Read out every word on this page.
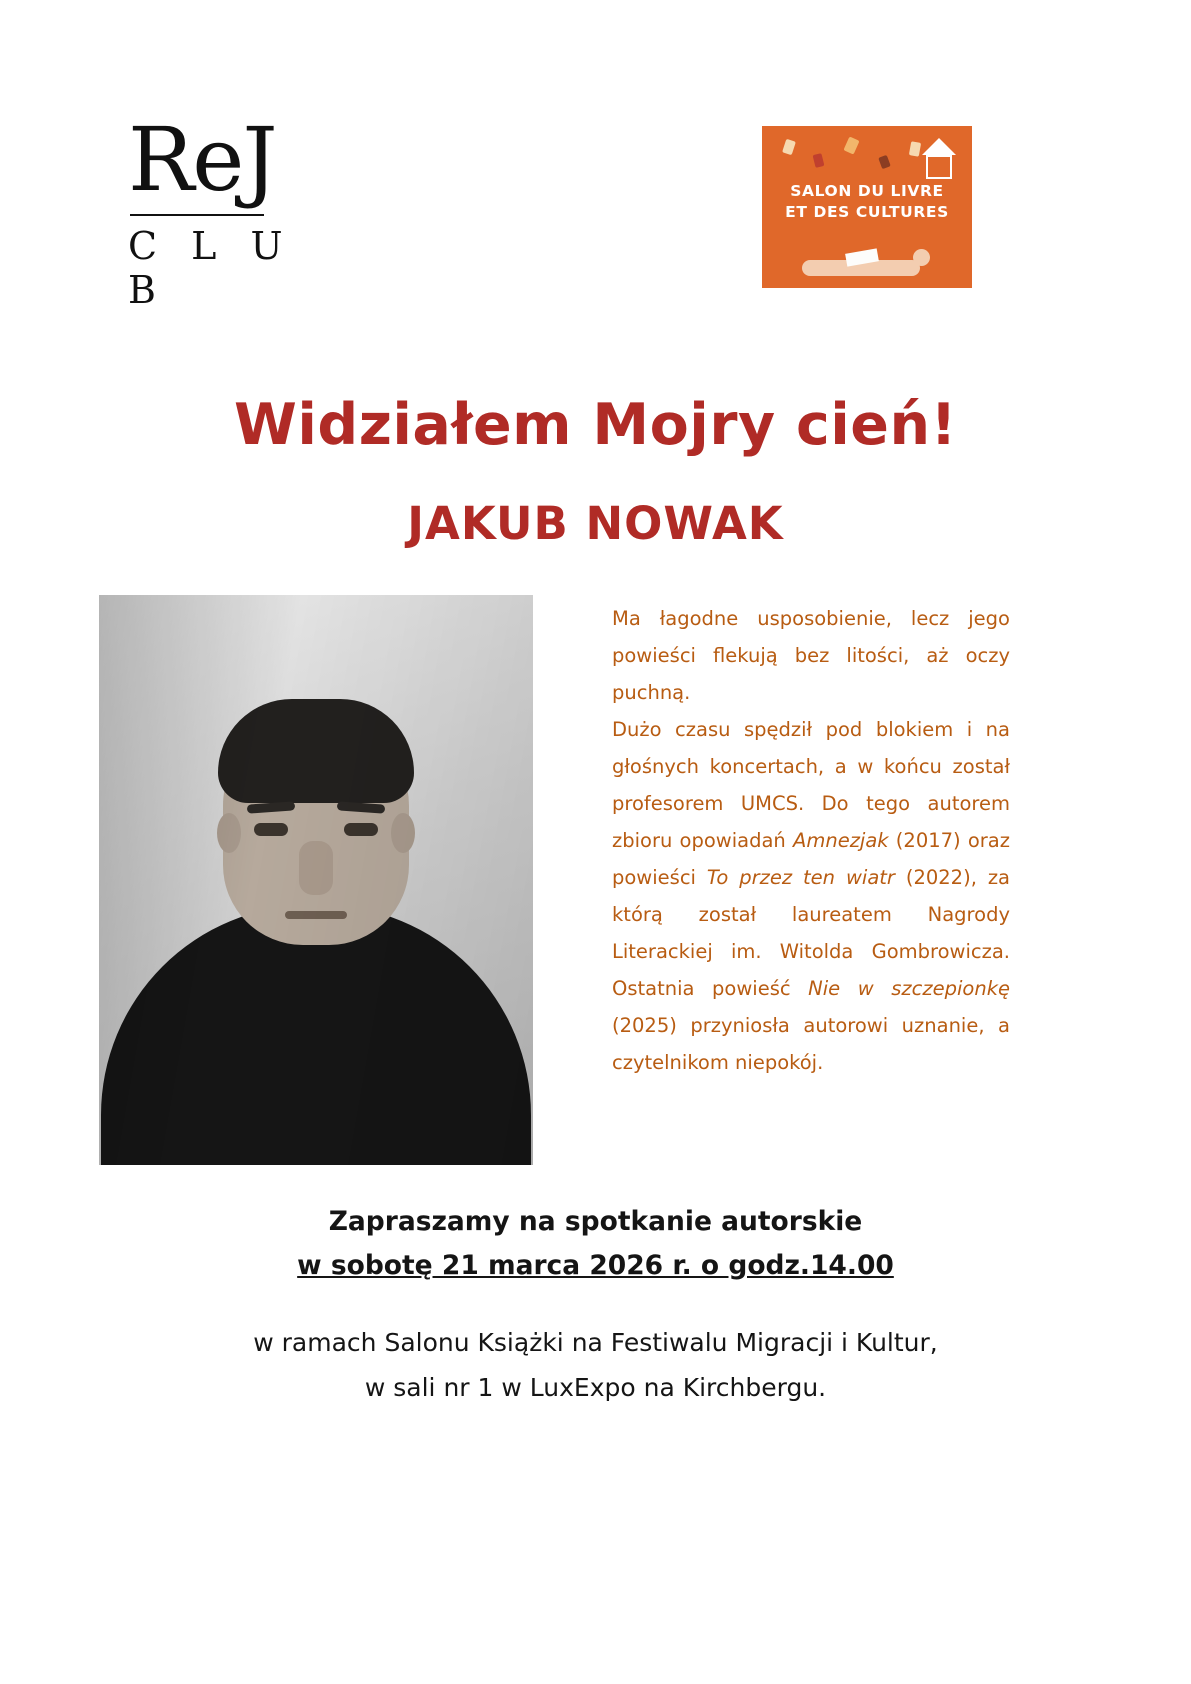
ReJ
C L U B
SALON DU LIVRE
ET DES CULTURES
Widziałem Mojry cień!
JAKUB NOWAK
Ma łagodne usposobienie, lecz jego powieści flekują bez litości, aż oczy puchną.
Dużo czasu spędził pod blokiem i na głośnych koncertach, a w końcu został profesorem UMCS. Do tego autorem zbioru opowiadań Amnezjak (2017) oraz powieści To przez ten wiatr (2022), za którą został laureatem Nagrody Literackiej im. Witolda Gombrowicza. Ostatnia powieść Nie w szczepionkę (2025) przyniosła autorowi uznanie, a czytelnikom niepokój.
Zapraszamy na spotkanie autorskie
w sobotę 21 marca 2026 r. o godz.14.00
w ramach Salonu Książki na Festiwalu Migracji i Kultur,
w sali nr 1 w LuxExpo na Kirchbergu.
